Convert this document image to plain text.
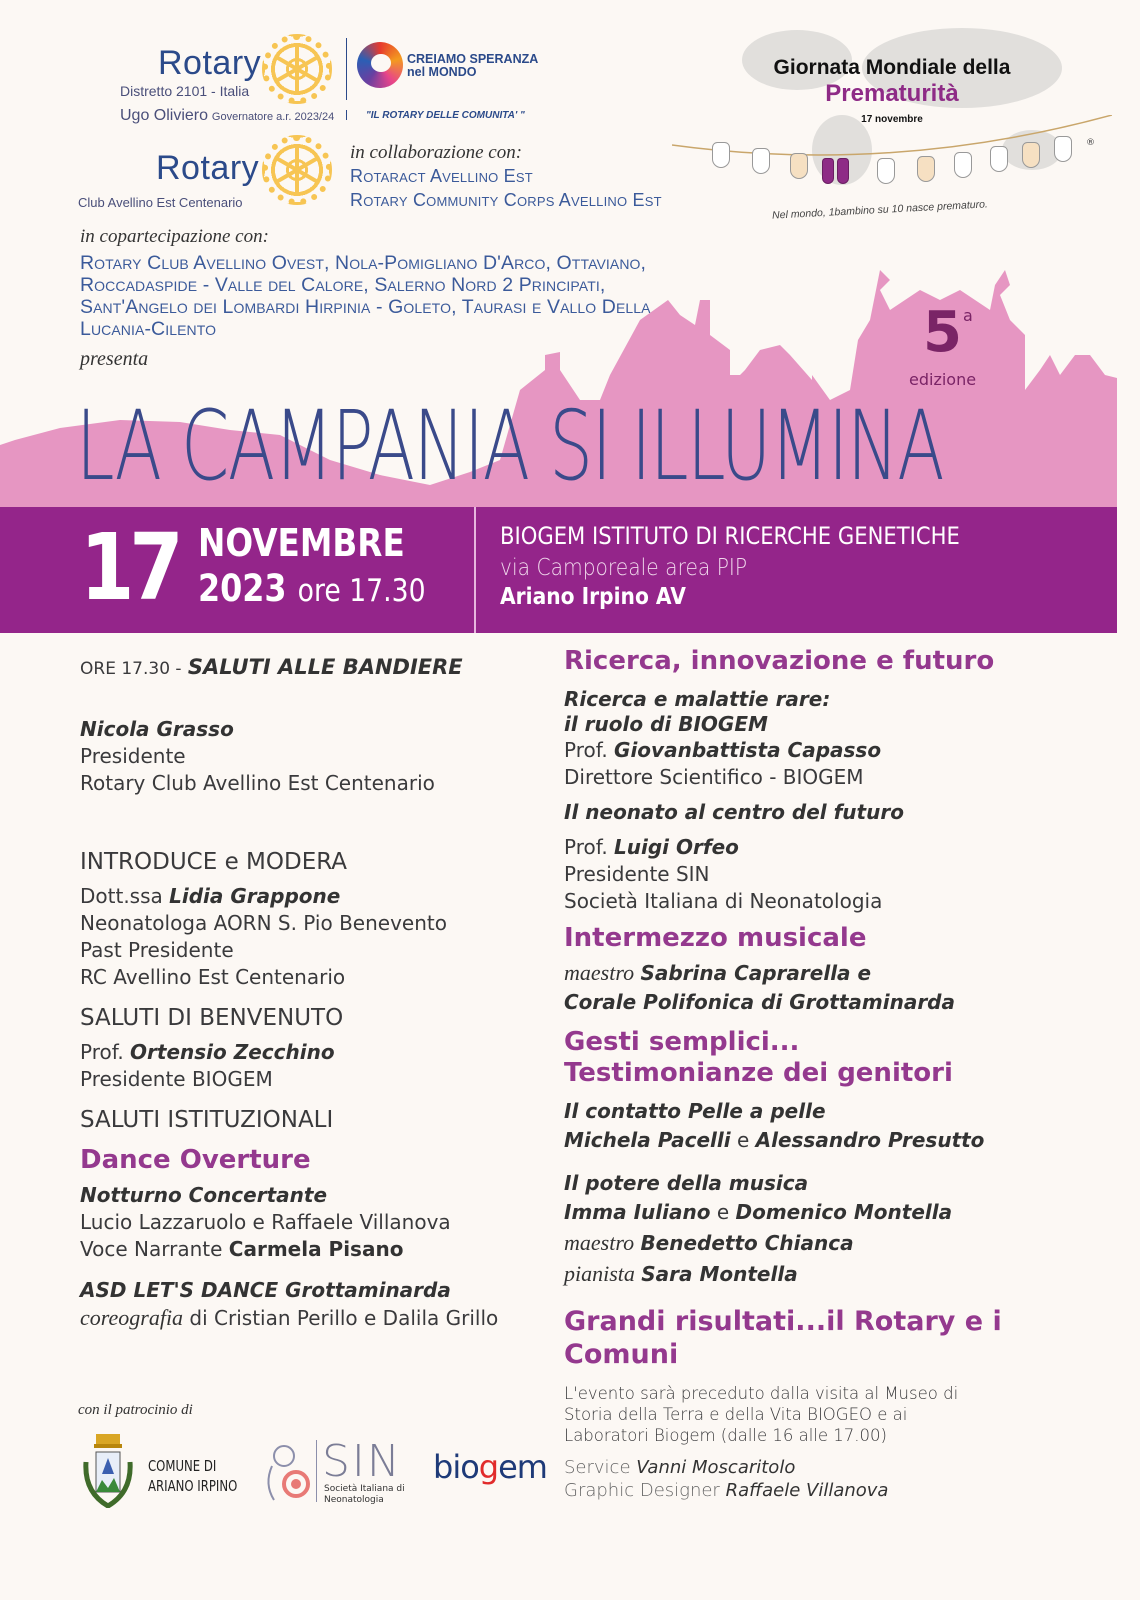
Rotary
Distretto 2101 - Italia
Ugo Oliviero Governatore a.r. 2023/24
CREIAMO SPERANZA
nel MONDO
"IL ROTARY DELLE COMUNITA' "
Rotary
Club Avellino Est Centenario
in collaborazione con:
Rotaract Avellino Est
Rotary Community Corps Avellino Est
Giornata Mondiale della
Prematurità
17 novembre
®
Nel mondo, 1bambino su 10 nasce prematuro.
in copartecipazione con:
Rotary Club Avellino Ovest, Nola-Pomigliano D'Arco, Ottaviano,
Roccadaspide - Valle del Calore, Salerno Nord 2 Principati,
Sant'Angelo dei Lombardi Hirpinia - Goleto, Taurasi e Vallo Della
Lucania-Cilento
presenta	5 a
edizione
LA CAMPANIA SI ILLUMINA
17 NOVEMBRE
2023 ore 17.30
BIOGEM ISTITUTO DI RICERCHE GENETICHE
via Camporeale area PIP
Ariano Irpino AV
ORE 17.30 - SALUTI ALLE BANDIERE
Nicola Grasso
Presidente
Rotary Club Avellino Est Centenario
INTRODUCE e MODERA
Dott.ssa Lidia Grappone
Neonatologa AORN S. Pio Benevento
Past Presidente
RC Avellino Est Centenario
SALUTI DI BENVENUTO
Prof. Ortensio Zecchino
Presidente BIOGEM
SALUTI ISTITUZIONALI
Dance Overture
Notturno Concertante
Lucio Lazzaruolo e Raffaele Villanova
Voce Narrante Carmela Pisano
ASD LET'S DANCE Grottaminarda
coreografia di Cristian Perillo e Dalila Grillo
Ricerca, innovazione e futuro
Ricerca e malattie rare:
il ruolo di BIOGEM
Prof. Giovanbattista Capasso
Direttore Scientifico - BIOGEM
Il neonato al centro del futuro
Prof. Luigi Orfeo
Presidente SIN
Società Italiana di Neonatologia
Intermezzo musicale
maestro Sabrina Caprarella e
Corale Polifonica di Grottaminarda
Gesti semplici...
Testimonianze dei genitori
Il contatto Pelle a pelle
Michela Pacelli e Alessandro Presutto
Il potere della musica
Imma Iuliano e Domenico Montella
maestro Benedetto Chianca
pianista Sara Montella
Grandi risultati...il Rotary e i
Comuni
L'evento sarà preceduto dalla visita al Museo di
Storia della Terra e della Vita BIOGEO e ai
Laboratori Biogem (dalle 16 alle 17.00)
Service Vanni Moscaritolo
Graphic Designer Raffaele Villanova
con il patrocinio di
COMUNE DI
ARIANO IRPINO SIN
Società Italiana di
Neonatologia
biogem
